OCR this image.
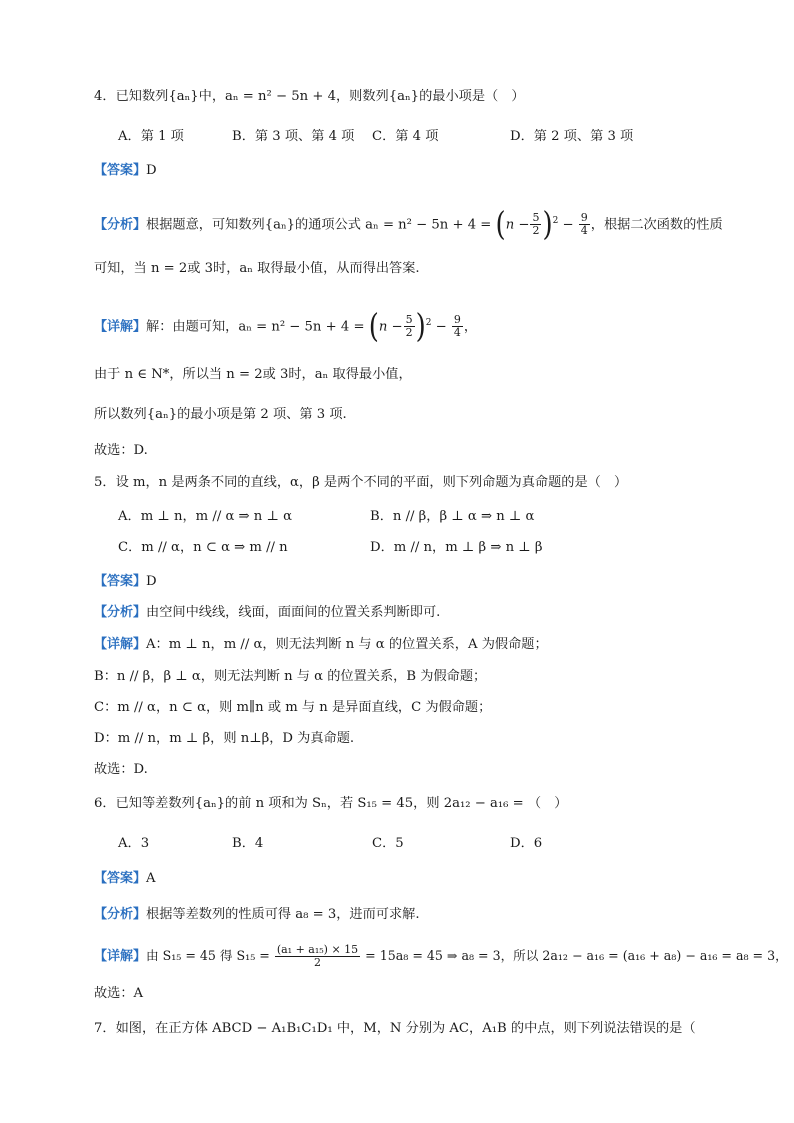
4．已知数列{aₙ}中，aₙ = n² − 5n + 4，则数列{aₙ}的最小项是（　）
A．第 1 项	B．第 3 项、第 4 项 C．第 4 项	D．第 2 项、第 3 项
【答案】D
【分析】根据题意，可知数列{aₙ}的通项公式 $a_n = n^2 - 5n + 4 = (n - \frac{5}{2} )^2 - \frac{9}{4}$ ，根据二次函数的性质
可知，当 n = 2或 3时，aₙ 取得最小值，从而得出答案.
【详解】解：由题可知，$a_n = n^2 - 5n + 4 = (n - \frac{5}{2} )^2 - \frac{9}{4}$ ，
由于 n ∈ N*，所以当 n = 2或 3时，aₙ 取得最小值，
所以数列{aₙ}的最小项是第 2 项、第 3 项.
故选：D.
5．设 m，n 是两条不同的直线，α，β 是两个不同的平面，则下列命题为真命题的是（　）
A．m ⊥ n，m // α ⇒ n ⊥ α	B．n // β，β ⊥ α ⇒ n ⊥ α
C．m // α，n ⊂ α ⇒ m // n	D．m // n，m ⊥ β ⇒ n ⊥ β
【答案】D
【分析】由空间中线线，线面，面面间的位置关系判断即可.
【详解】A：m ⊥ n，m // α，则无法判断 n 与 α 的位置关系，A 为假命题；
B：n // β，β ⊥ α，则无法判断 n 与 α 的位置关系，B 为假命题；
C：m // α，n ⊂ α，则 m∥n 或 m 与 n 是异面直线，C 为假命题；
D：m // n，m ⊥ β，则 n⊥β，D 为真命题.
故选：D.
6．已知等差数列{aₙ}的前 n 项和为 Sₙ，若 S₁₅ = 45，则 2a₁₂ − a₁₆ = （　）
A．3	B．4	C．5	D．6
【答案】A
【分析】根据等差数列的性质可得 a₈ = 3，进而可求解.
【详解】由 S₁₅ = 45 得 $S_{15} = \frac{\text{(a₁ + a₁₅) × 15}}{2} = 15a_8 = 45$ ⇒ a₈ = 3，所以 2a₁₂ − a₁₆ = (a₁₆ + a₈) − a₁₆ = a₈ = 3，
故选：A
7．如图，在正方体 ABCD − A₁B₁C₁D₁ 中，M，N 分别为 AC，A₁B 的中点，则下列说法错误的是（
